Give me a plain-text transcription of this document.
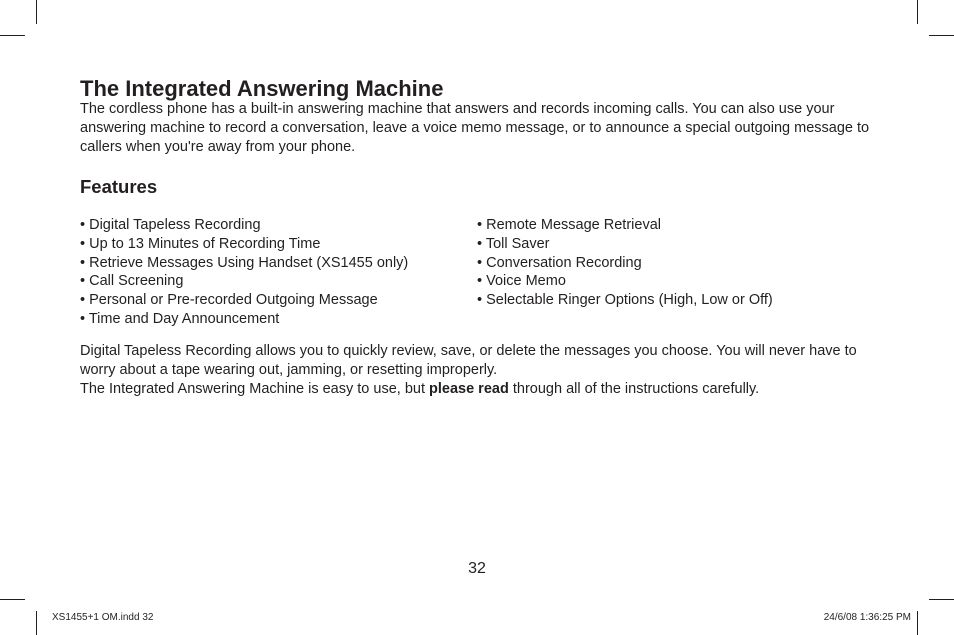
The Integrated Answering Machine
The cordless phone has a built-in answering machine that answers and records incoming calls. You can also use your answering machine to record a conversation, leave a voice memo message, or to announce a special outgoing message to callers when you're away from your phone.
Features
• Digital Tapeless Recording
• Up to 13 Minutes of Recording Time
• Retrieve Messages Using Handset (XS1455 only)
• Call Screening
• Personal or Pre-recorded Outgoing Message
• Time and Day Announcement
• Remote Message Retrieval
• Toll Saver
• Conversation Recording
• Voice Memo
• Selectable Ringer Options (High, Low or Off)
Digital Tapeless Recording allows you to quickly review, save, or delete the messages you choose. You will never have to worry about a tape wearing out, jamming, or resetting improperly.
The Integrated Answering Machine is easy to use, but please read through all of the instructions carefully.
32
XS1455+1 OM.indd 32	24/6/08 1:36:25 PM
